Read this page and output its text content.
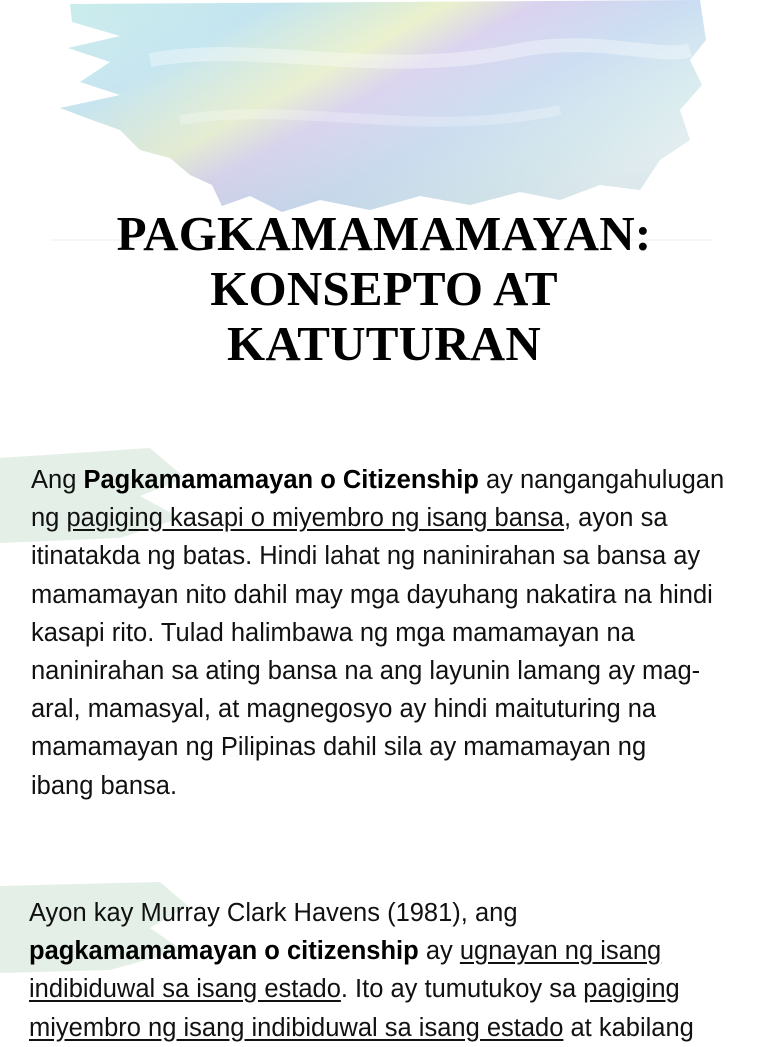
PAGKAMAMAMAYAN:
KONSEPTO AT
KATUTURAN

Ang Pagkamamamayan o Citizenship ay nangangahulugan
ng pagiging kasapi o miyembro ng isang bansa, ayon sa
itinatakda ng batas. Hindi lahat ng naninirahan sa bansa ay
mamamayan nito dahil may mga dayuhang nakatira na hindi
kasapi rito. Tulad halimbawa ng mga mamamayan na
naninirahan sa ating bansa na ang layunin lamang ay mag-
aral, mamasyal, at magnegosyo ay hindi maituturing na
mamamayan ng Pilipinas dahil sila ay mamamayan ng
ibang bansa.

Ayon kay Murray Clark Havens (1981), ang
pagkamamamayan o citizenship ay ugnayan ng isang
indibiduwal sa isang estado. Ito ay tumutukoy sa pagiging
miyembro ng isang indibiduwal sa isang estado at kabilang
